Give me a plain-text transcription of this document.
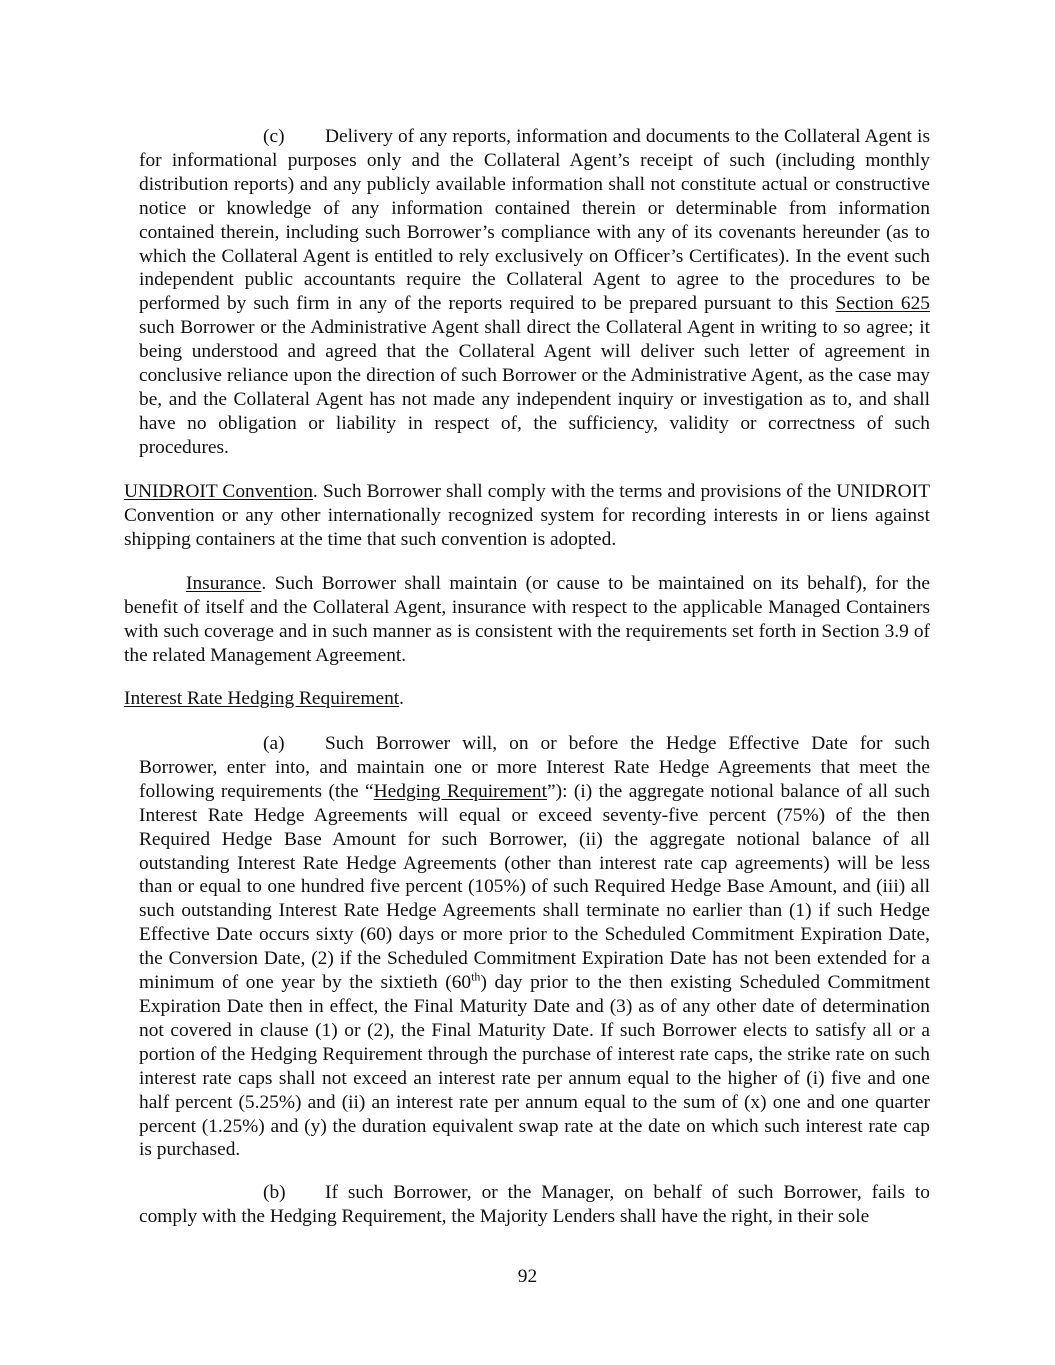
(c) Delivery of any reports, information and documents to the Collateral Agent is for informational purposes only and the Collateral Agent’s receipt of such (including monthly distribution reports) and any publicly available information shall not constitute actual or constructive notice or knowledge of any information contained therein or determinable from information contained therein, including such Borrower’s compliance with any of its covenants hereunder (as to which the Collateral Agent is entitled to rely exclusively on Officer’s Certificates). In the event such independent public accountants require the Collateral Agent to agree to the procedures to be performed by such firm in any of the reports required to be prepared pursuant to this Section 625 such Borrower or the Administrative Agent shall direct the Collateral Agent in writing to so agree; it being understood and agreed that the Collateral Agent will deliver such letter of agreement in conclusive reliance upon the direction of such Borrower or the Administrative Agent, as the case may be, and the Collateral Agent has not made any independent inquiry or investigation as to, and shall have no obligation or liability in respect of, the sufficiency, validity or correctness of such procedures.

UNIDROIT Convention. Such Borrower shall comply with the terms and provisions of the UNIDROIT Convention or any other internationally recognized system for recording interests in or liens against shipping containers at the time that such convention is adopted.

Insurance. Such Borrower shall maintain (or cause to be maintained on its behalf), for the benefit of itself and the Collateral Agent, insurance with respect to the applicable Managed Containers with such coverage and in such manner as is consistent with the requirements set forth in Section 3.9 of the related Management Agreement.

Interest Rate Hedging Requirement.

(a) Such Borrower will, on or before the Hedge Effective Date for such Borrower, enter into, and maintain one or more Interest Rate Hedge Agreements that meet the following requirements (the “Hedging Requirement”): (i) the aggregate notional balance of all such Interest Rate Hedge Agreements will equal or exceed seventy-five percent (75%) of the then Required Hedge Base Amount for such Borrower, (ii) the aggregate notional balance of all outstanding Interest Rate Hedge Agreements (other than interest rate cap agreements) will be less than or equal to one hundred five percent (105%) of such Required Hedge Base Amount, and (iii) all such outstanding Interest Rate Hedge Agreements shall terminate no earlier than (1) if such Hedge Effective Date occurs sixty (60) days or more prior to the Scheduled Commitment Expiration Date, the Conversion Date, (2) if the Scheduled Commitment Expiration Date has not been extended for a minimum of one year by the sixtieth (60th) day prior to the then existing Scheduled Commitment Expiration Date then in effect, the Final Maturity Date and (3) as of any other date of determination not covered in clause (1) or (2), the Final Maturity Date. If such Borrower elects to satisfy all or a portion of the Hedging Requirement through the purchase of interest rate caps, the strike rate on such interest rate caps shall not exceed an interest rate per annum equal to the higher of (i) five and one half percent (5.25%) and (ii) an interest rate per annum equal to the sum of (x) one and one quarter percent (1.25%) and (y) the duration equivalent swap rate at the date on which such interest rate cap is purchased.

(b) If such Borrower, or the Manager, on behalf of such Borrower, fails to comply with the Hedging Requirement, the Majority Lenders shall have the right, in their sole

92
